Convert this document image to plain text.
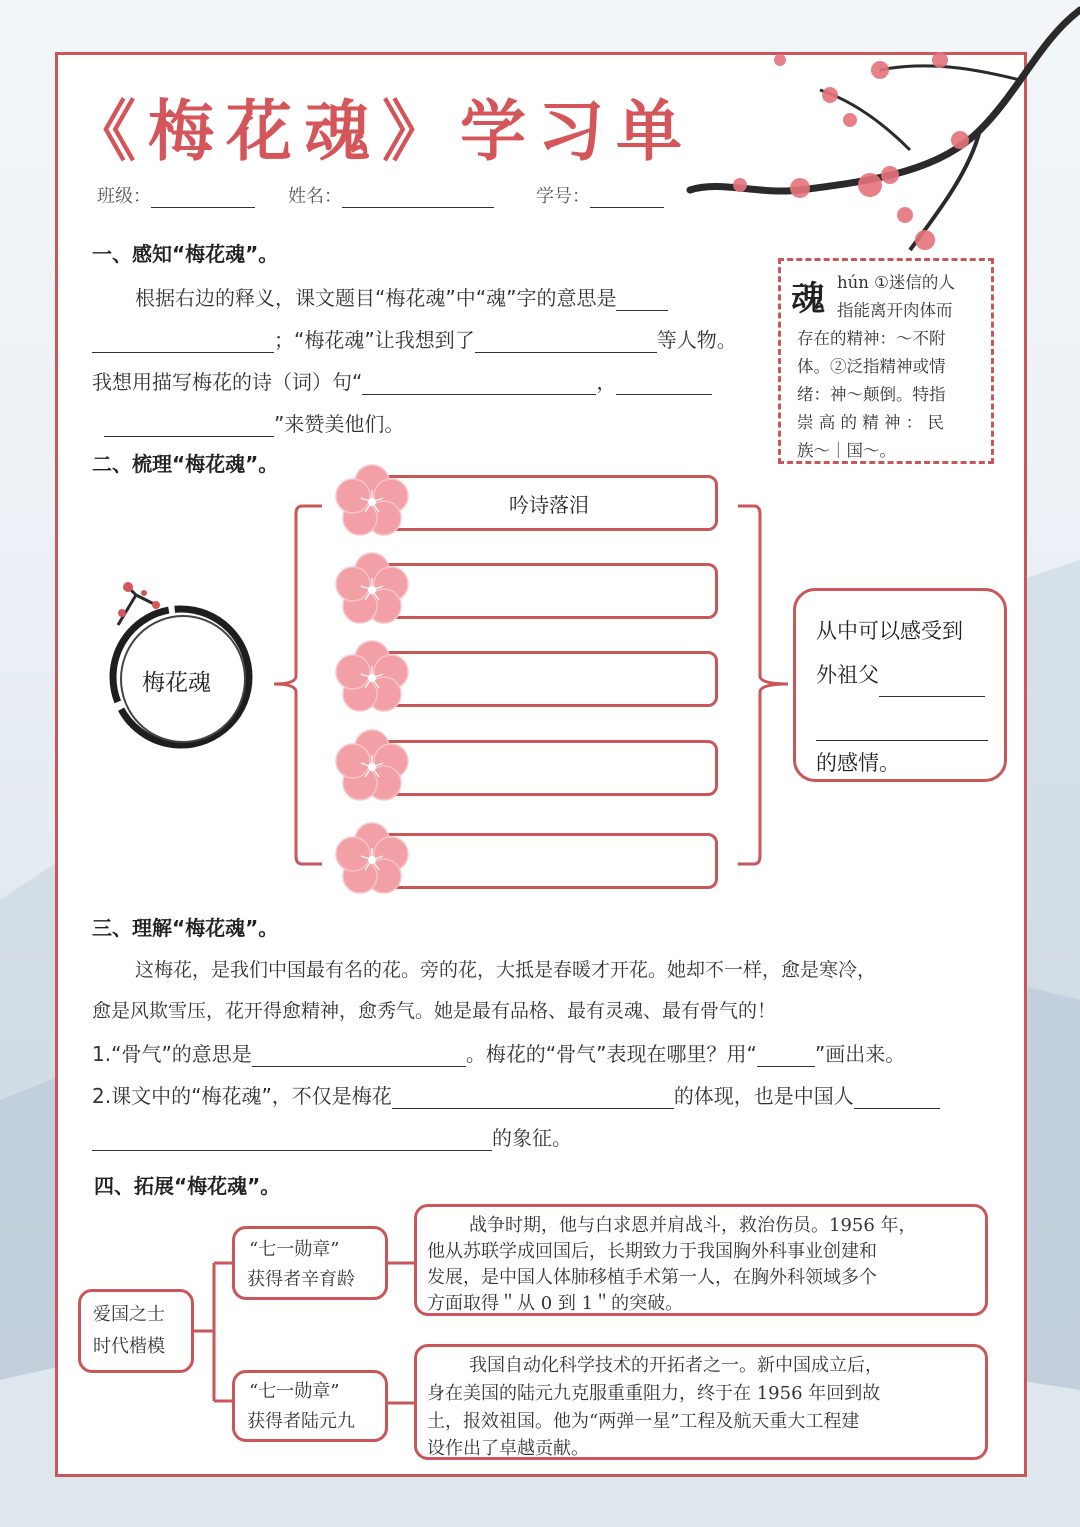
《梅花魂》学习单
班级：	姓名：	学号：
一、感知“梅花魂”。
根据右边的释义，课文题目“梅花魂”中“魂”字的意思是
；“梅花魂”让我想到了	等人物。
我想用描写梅花的诗（词）句“	，
”来赞美他们。
魂 hún ①迷信的人
指能离开肉体而
存在的精神：～不附
体。②泛指精神或情
绪：神～颠倒。特指
崇 高 的 精 神 ： 民
族～｜国～。
二、梳理“梅花魂”。
梅花魂
吟诗落泪
从中可以感受到
外祖父
的感情。
三、理解“梅花魂”。
这梅花，是我们中国最有名的花。旁的花，大抵是春暖才开花。她却不一样，愈是寒冷，
愈是风欺雪压，花开得愈精神，愈秀气。她是最有品格、最有灵魂、最有骨气的！
1.“骨气”的意思是	。梅花的“骨气”表现在哪里？用“	”画出来。
2.课文中的“梅花魂”，不仅是梅花	的体现，也是中国人
的象征。
四、拓展“梅花魂”。
爱国之士
时代楷模
“七一勋章”
获得者辛育龄
“七一勋章”
获得者陆元九
战争时期，他与白求恩并肩战斗，救治伤员。1956 年，
他从苏联学成回国后，长期致力于我国胸外科事业创建和
发展，是中国人体肺移植手术第一人，在胸外科领域多个
方面取得＂从 0 到 1＂的突破。
我国自动化科学技术的开拓者之一。新中国成立后，
身在美国的陆元九克服重重阻力，终于在 1956 年回到故
土，报效祖国。他为“两弹一星”工程及航天重大工程建
设作出了卓越贡献。
